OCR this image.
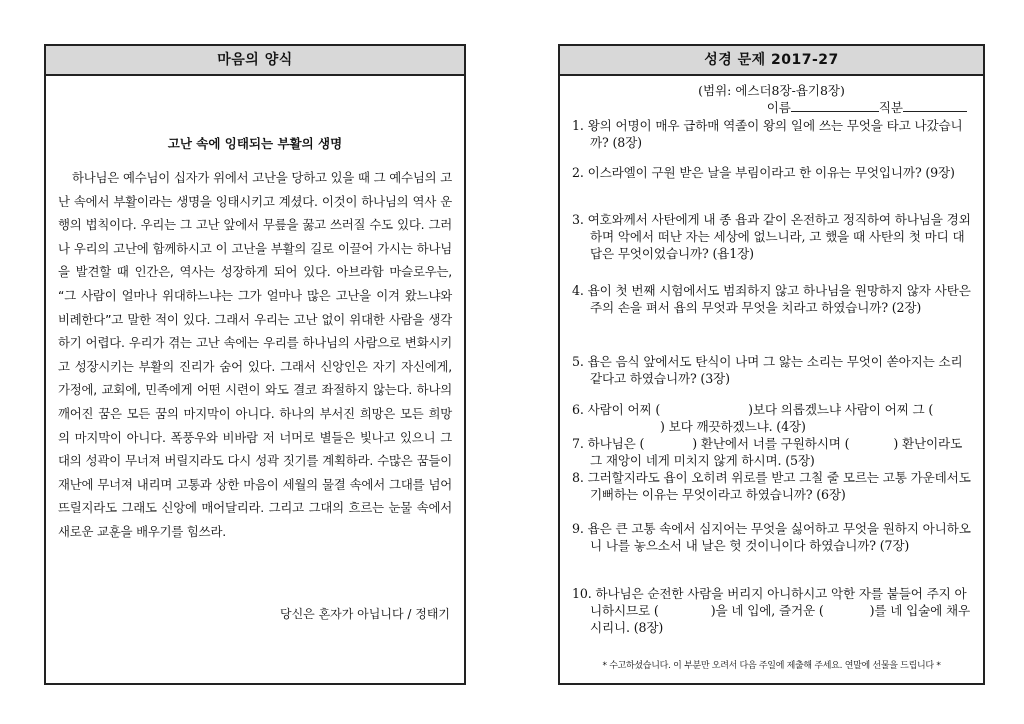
마음의 양식
고난 속에 잉태되는 부활의 생명
하나님은 예수님이 십자가 위에서 고난을 당하고 있을 때 그 예수님의 고난 속에서 부활이라는 생명을 잉태시키고 계셨다. 이것이 하나님의 역사 운행의 법칙이다. 우리는 그 고난 앞에서 무릎을 꿇고 쓰러질 수도 있다. 그러나 우리의 고난에 함께하시고 이 고난을 부활의 길로 이끌어 가시는 하나님을 발견할 때 인간은, 역사는 성장하게 되어 있다. 아브라함 마슬로우는, “그 사람이 얼마나 위대하느냐는 그가 얼마나 많은 고난을 이겨 왔느냐와 비례한다”고 말한 적이 있다. 그래서 우리는 고난 없이 위대한 사람을 생각하기 어렵다. 우리가 겪는 고난 속에는 우리를 하나님의 사람으로 변화시키고 성장시키는 부활의 진리가 숨어 있다. 그래서 신앙인은 자기 자신에게, 가정에, 교회에, 민족에게 어떤 시련이 와도 결코 좌절하지 않는다. 하나의 깨어진 꿈은 모든 꿈의 마지막이 아니다. 하나의 부서진 희망은 모든 희망의 마지막이 아니다. 폭풍우와 비바람 저 너머로 별들은 빛나고 있으니 그대의 성곽이 무너져 버릴지라도 다시 성곽 짓기를 계획하라. 수많은 꿈들이 재난에 무너져 내리며 고통과 상한 마음이 세월의 물결 속에서 그대를 넘어뜨릴지라도 그래도 신앙에 매어달리라. 그리고 그대의 흐르는 눈물 속에서 새로운 교훈을 배우기를 힘쓰라.
당신은 혼자가 아닙니다 / 정태기
성경 문제 2017-27
(범위: 에스더8장-욥기8장)
이름	직분
1. 왕의 어명이 매우 급하매 역졸이 왕의 일에 쓰는 무엇을 타고 나갔습니까? (8장)
2. 이스라엘이 구원 받은 날을 부림이라고 한 이유는 무엇입니까? (9장)
3. 여호와께서 사탄에게 내 종 욥과 같이 온전하고 정직하여 하나님을 경외하며 악에서 떠난 자는 세상에 없느니라, 고 했을 때 사탄의 첫 마디 대답은 무엇이었습니까? (욥1장)
4. 욥이 첫 번째 시험에서도 범죄하지 않고 하나님을 원망하지 않자 사탄은 주의 손을 펴서 욥의 무엇과 무엇을 치라고 하였습니까? (2장)
5. 욥은 음식 앞에서도 탄식이 나며 그 앓는 소리는 무엇이 쏟아지는 소리 같다고 하였습니까? (3장)
6. 사람이 어찌 (	)보다 의롭겠느냐 사람이 어찌 그 () 보다 깨끗하겠느냐. (4장)
7. 하나님은 (	) 환난에서 너를 구원하시며 (	) 환난이라도 그 재앙이 네게 미치지 않게 하시며. (5장)
8. 그러할지라도 욥이 오히려 위로를 받고 그칠 줄 모르는 고통 가운데서도 기뻐하는 이유는 무엇이라고 하였습니까? (6장)
9. 욥은 큰 고통 속에서 심지어는 무엇을 싫어하고 무엇을 원하지 아니하오니 나를 놓으소서 내 날은 헛 것이니이다 하였습니까? (7장)
10. 하나님은 순전한 사람을 버리지 아니하시고 악한 자를 붙들어 주지 아니하시므로 (	)을 네 입에, 즐거운 (	)를 네 입술에 채우시리니. (8장)
* 수고하셨습니다. 이 부분만 오려서 다음 주일에 제출해 주세요. 연말에 선물을 드립니다 *
